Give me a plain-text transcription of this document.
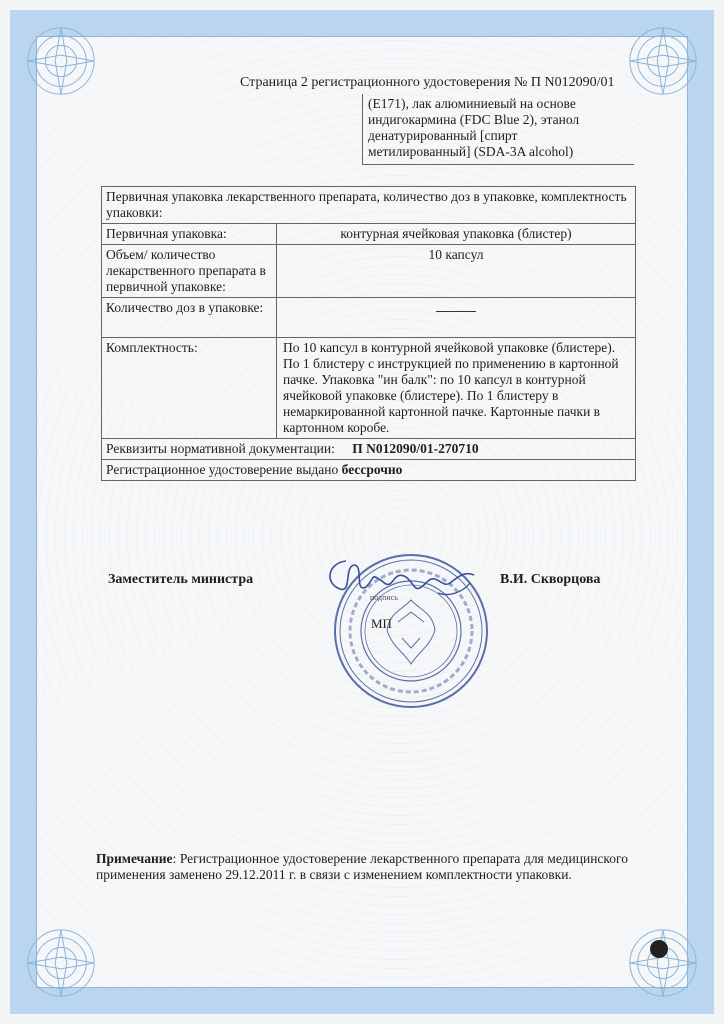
Страница 2 регистрационного удостоверения № П N012090/01
(E171), лак алюминиевый на основе
индигокармина (FDC Blue 2), этанол
денатурированный [спирт
метилированный] (SDA-3A alcohol)
Первичная упаковка лекарственного препарата, количество доз в упаковке, комплектность упаковки:	
Первичная упаковка:	контурная ячейковая упаковка (блистер)
Объем/ количество лекарственного препарата в первичной упаковке:	10 капсул
Количество доз в упаковке:	
Комплектность:	По 10 капсул в контурной ячейковой упаковке (блистере). По 1 блистеру с инструкцией по применению в картонной пачке. Упаковка "ин балк": по 10 капсул в контурной ячейковой упаковке (блистере). По 1 блистеру в немаркированной картонной пачке. Картонные пачки в картонном коробе.
Реквизиты нормативной документации: П N012090/01-270710	
Регистрационное удостоверение выдано бессрочно	
Заместитель министра	В.И. Скворцова
подпись
МП
Примечание: Регистрационное удостоверение лекарственного препарата для медицинского применения заменено 29.12.2011 г. в связи с изменением комплектности упаковки.
